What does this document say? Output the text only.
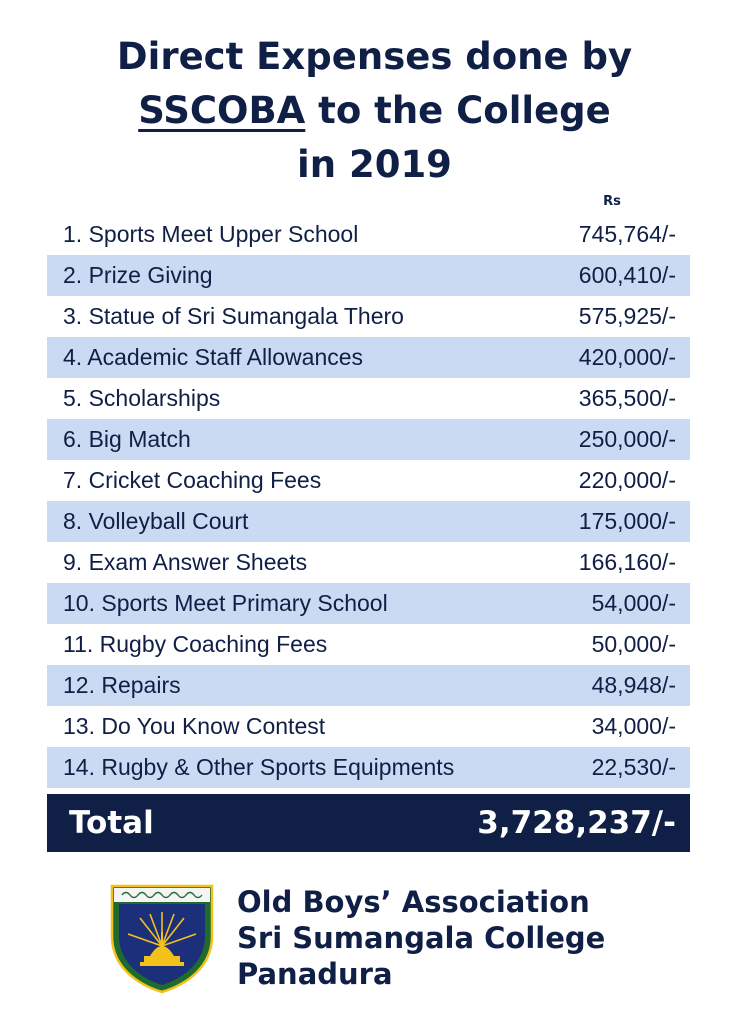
Direct Expenses done by
SSCOBA to the College
in 2019
Rs
1. Sports Meet Upper School	745,764/-
2. Prize Giving	600,410/-
3. Statue of Sri Sumangala Thero	575,925/-
4. Academic Staff Allowances	420,000/-
5. Scholarships	365,500/-
6. Big Match	250,000/-
7. Cricket Coaching Fees	220,000/-
8. Volleyball Court	175,000/-
9. Exam Answer Sheets	166,160/-
10. Sports Meet Primary School	54,000/-
11. Rugby Coaching Fees	50,000/-
12. Repairs	48,948/-
13. Do You Know Contest	34,000/-
14. Rugby & Other Sports Equipments	22,530/-
Total	3,728,237/-
Old Boys’ Association
Sri Sumangala College
Panadura
